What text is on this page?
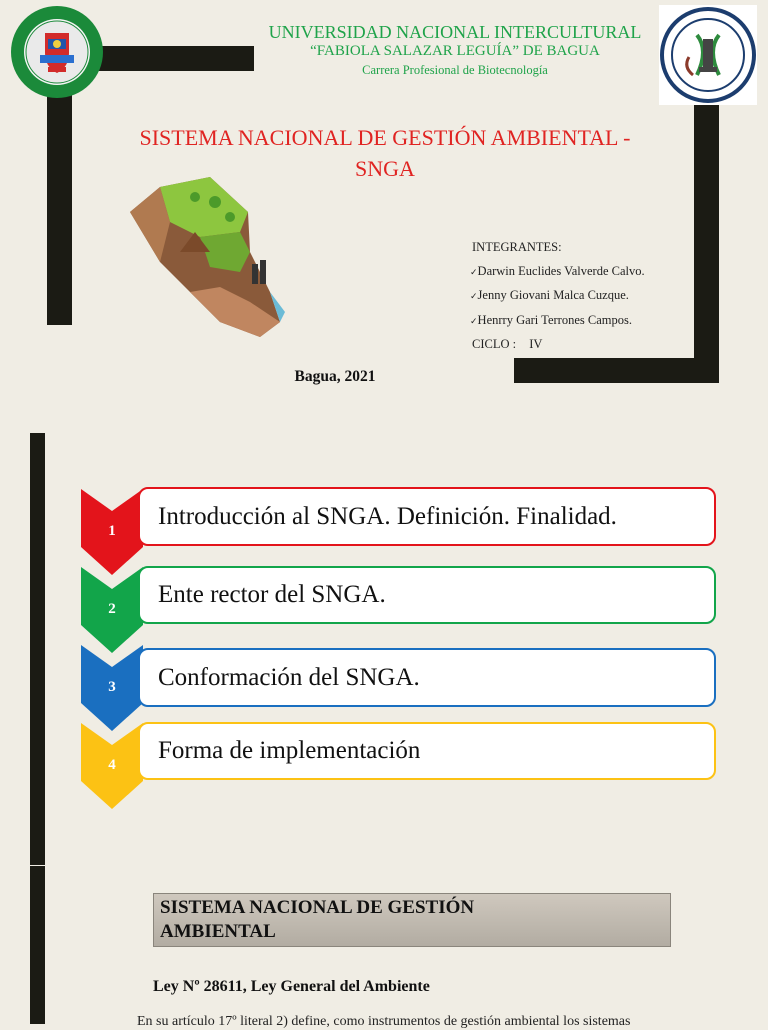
UNIVERSIDAD NACIONAL INTERCULTURAL
“FABIOLA SALAZAR LEGUÍA” DE BAGUA
Carrera Profesional de Biotecnología
SISTEMA NACIONAL DE GESTIÓN AMBIENTAL -
SNGA
INTEGRANTES:
✓Darwin Euclides Valverde Calvo.
✓Jenny Giovani Malca Cuzque.
✓Henrry Gari Terrones Campos.
CICLO : IV
Bagua, 2021
1
Introducción al SNGA. Definición. Finalidad.
2
Ente rector del SNGA.
3 Conformación del SNGA.
4
Forma de implementación
SISTEMA NACIONAL DE GESTIÓN
AMBIENTAL
Ley Nº 28611, Ley General del Ambiente
En su artículo 17º literal 2) define, como instrumentos de gestión ambiental los sistemas
